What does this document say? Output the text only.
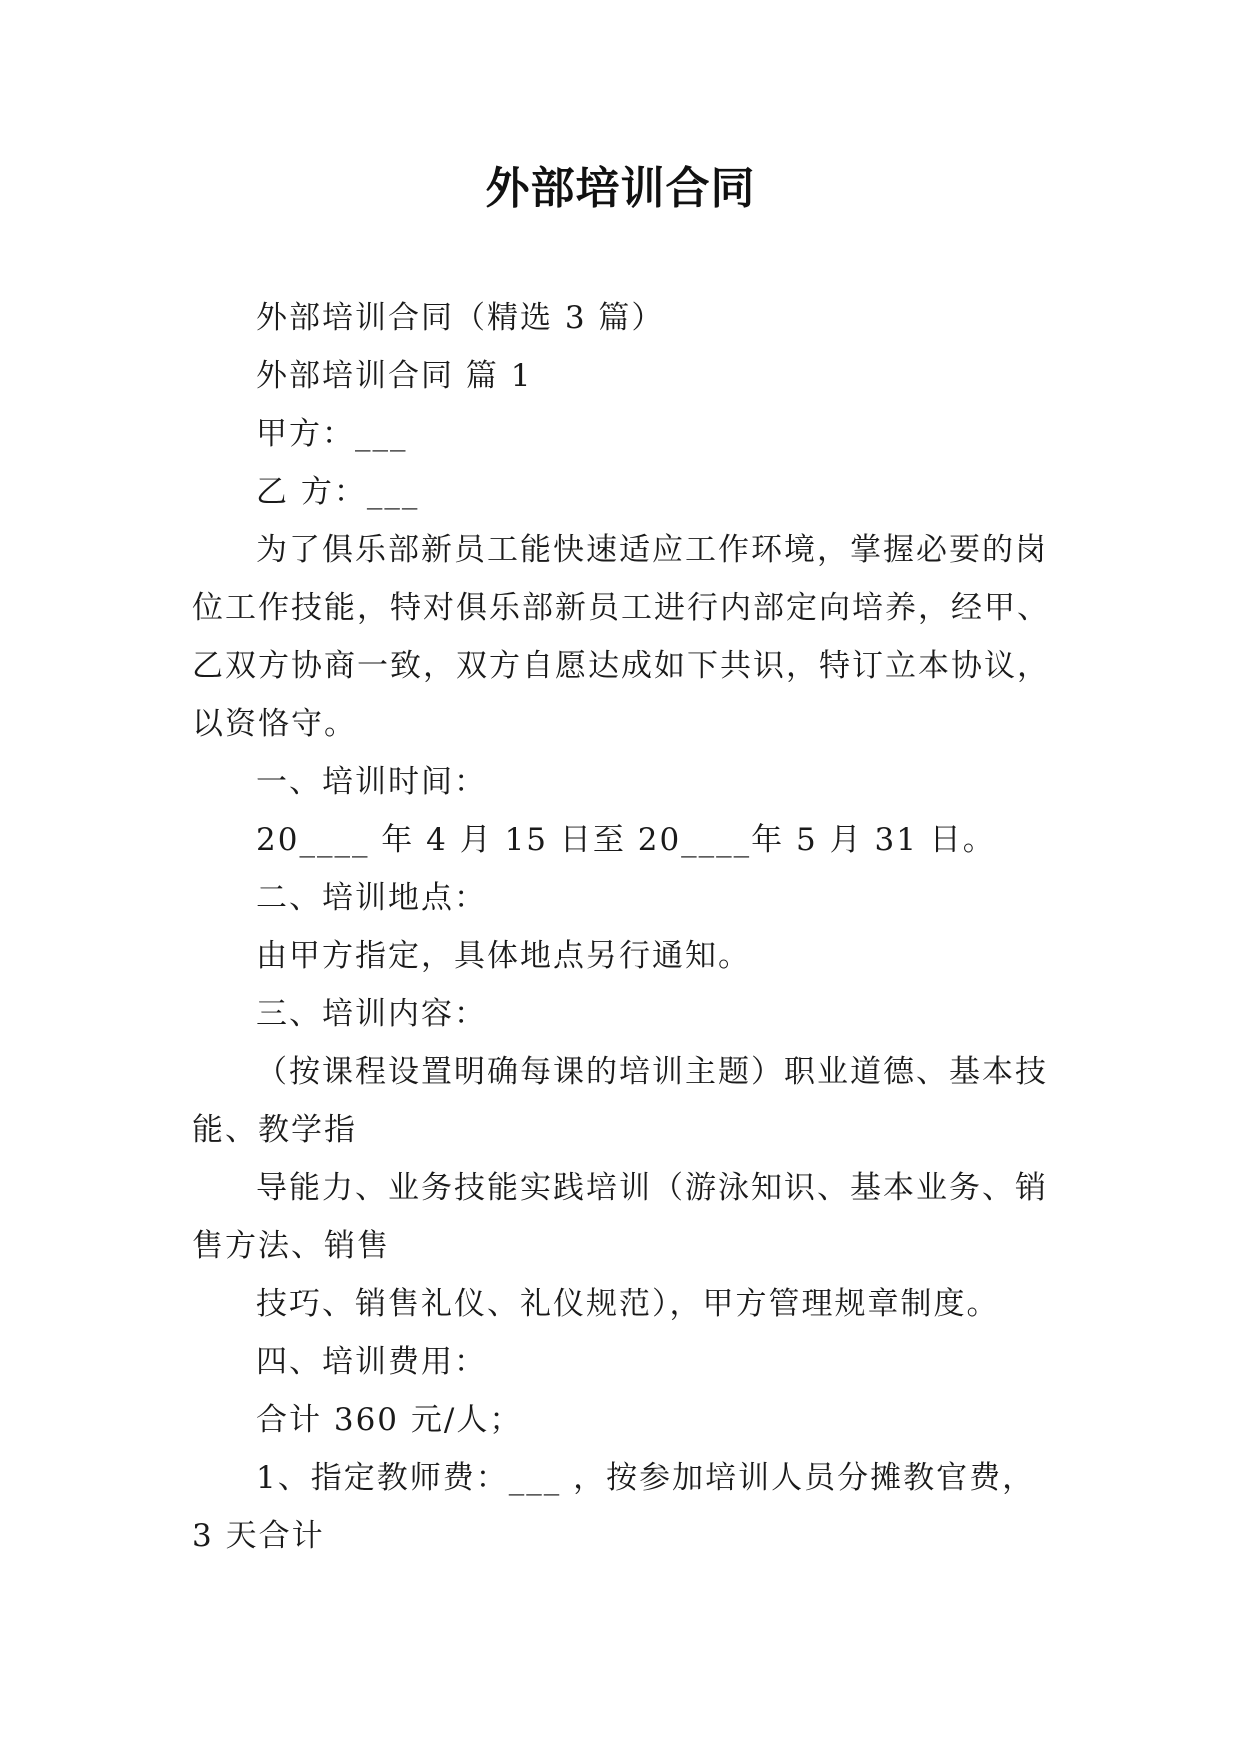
外部培训合同

外部培训合同（精选 3 篇）

外部培训合同 篇 1

甲方：___

乙 方：___

为了俱乐部新员工能快速适应工作环境，掌握必要的岗位工作技能，特对俱乐部新员工进行内部定向培养，经甲、乙双方协商一致，双方自愿达成如下共识，特订立本协议，以资恪守。

一、培训时间：

20____ 年 4 月 15 日至 20____年 5 月 31 日。

二、培训地点：

由甲方指定，具体地点另行通知。

三、培训内容：

（按课程设置明确每课的培训主题）职业道德、基本技能、教学指

导能力、业务技能实践培训（游泳知识、基本业务、销售方法、销售

技巧、销售礼仪、礼仪规范），甲方管理规章制度。

四、培训费用：

合计 360 元/人；

1、指定教师费：___ ，按参加培训人员分摊教官费，3 天合计
